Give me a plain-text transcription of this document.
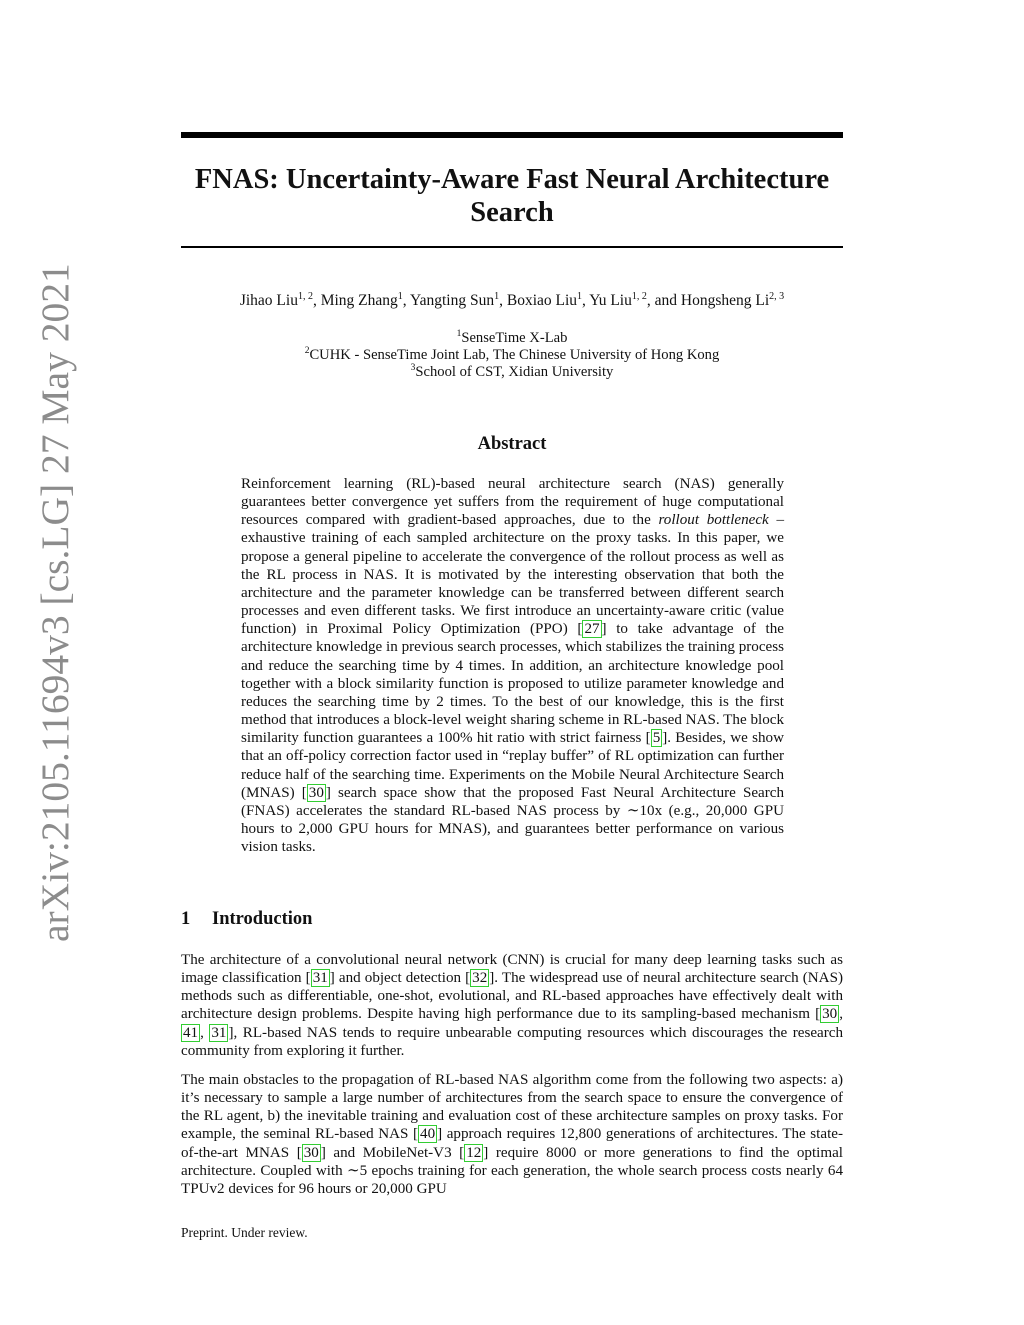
arXiv:2105.11694v3 [cs.LG] 27 May 2021
FNAS: Uncertainty-Aware Fast Neural Architecture
Search
Jihao Liu$^{1, 2}$, Ming Zhang$^1$, Yangting Sun$^1$, Boxiao Liu$^1$, Yu Liu$^{1, 2}$, and Hongsheng Li$^{2, 3}$
$^1$SenseTime X-Lab
$^2$CUHK - SenseTime Joint Lab, The Chinese University of Hong Kong
$^3$School of CST, Xidian University
Abstract

Reinforcement learning (RL)-based neural architecture search (NAS) generally guarantees better convergence yet suffers from the requirement of huge computational resources compared with gradient-based approaches, due to the rollout bottleneck – exhaustive training of each sampled architecture on the proxy tasks. In this paper, we propose a general pipeline to accelerate the convergence of the rollout process as well as the RL process in NAS. It is motivated by the interesting observation that both the architecture and the parameter knowledge can be transferred between different search processes and even different tasks. We first introduce an uncertainty-aware critic (value function) in Proximal Policy Optimization (PPO) [ 27 ] to take advantage of the architecture knowledge in previous search processes, which stabilizes the training process and reduce the searching time by 4 times. In addition, an architecture knowledge pool together with a block similarity function is proposed to utilize parameter knowledge and reduces the searching time by 2 times. To the best of our knowledge, this is the first method that introduces a block-level weight sharing scheme in RL-based NAS. The block similarity function guarantees a 100% hit ratio with strict fairness [ 5 ]. Besides, we show that an off-policy correction factor used in “replay buffer” of RL optimization can further reduce half of the searching time. Experiments on the Mobile Neural Architecture Search (MNAS) [ 30 ] search space show that the proposed Fast Neural Architecture Search (FNAS) accelerates the standard RL-based NAS process by ∼10x (e.g., 20,000 GPU hours to 2,000 GPU hours for MNAS), and guarantees better performance on various vision tasks.

1 Introduction

The architecture of a convolutional neural network (CNN) is crucial for many deep learning tasks such as image classification [ 31 ] and object detection [ 32 ]. The widespread use of neural architecture search (NAS) methods such as differentiable, one-shot, evolutional, and RL-based approaches have effectively dealt with architecture design problems. Despite having high performance due to its sampling-based mechanism [ 30 , 41 , 31 ], RL-based NAS tends to require unbearable computing resources which discourages the research community from exploring it further.

The main obstacles to the propagation of RL-based NAS algorithm come from the following two aspects: a) it’s necessary to sample a large number of architectures from the search space to ensure the convergence of the RL agent, b) the inevitable training and evaluation cost of these architecture samples on proxy tasks. For example, the seminal RL-based NAS [ 40 ] approach requires 12,800 generations of architectures. The state-of-the-art MNAS [ 30 ] and MobileNet-V3 [ 12 ] require 8000 or more generations to find the optimal architecture. Coupled with ∼5 epochs training for each generation, the whole search process costs nearly 64 TPUv2 devices for 96 hours or 20,000 GPU

Preprint. Under review.
